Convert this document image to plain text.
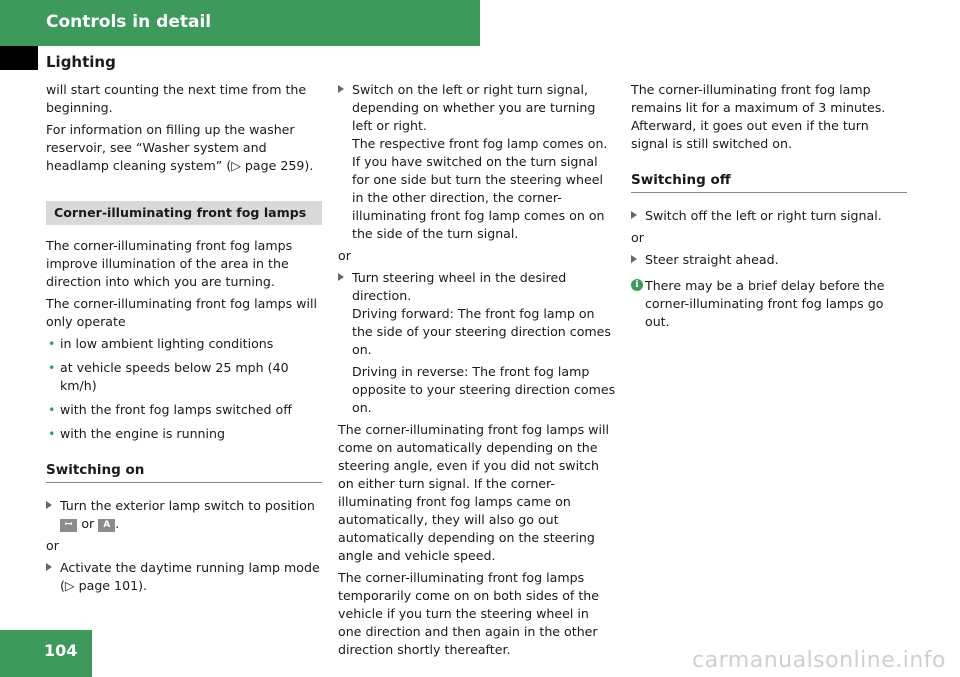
Controls in detail
Lighting

will start counting the next time from the beginning.

For information on filling up the washer reservoir, see “Washer system and headlamp cleaning system” (▷ page 259).

Corner-illuminating front fog lamps

The corner-illuminating front fog lamps improve illumination of the area in the direction into which you are turning.

The corner-illuminating front fog lamps will only operate

• in low ambient lighting conditions
• at vehicle speeds below 25 mph (40 km/h)
• with the front fog lamps switched off
• with the engine is running
Switching on
Turn the exterior lamp switch to position
ꟷ or A .

or

Activate the daytime running lamp mode (▷ page 101).
Switch on the left or right turn signal, depending on whether you are turning left or right.
The respective front fog lamp comes on. If you have switched on the turn signal for one side but turn the steering wheel in the other direction, the corner-illuminating front fog lamp comes on on the side of the turn signal.

or

Turn steering wheel in the desired direction.
Driving forward: The front fog lamp on the side of your steering direction comes on.
Driving in reverse: The front fog lamp opposite to your steering direction comes on.

The corner-illuminating front fog lamps will come on automatically depending on the steering angle, even if you did not switch on either turn signal. If the corner-illuminating front fog lamps came on automatically, they will also go out automatically depending on the steering angle and vehicle speed.

The corner-illuminating front fog lamps temporarily come on on both sides of the vehicle if you turn the steering wheel in one direction and then again in the other direction shortly thereafter.

The corner-illuminating front fog lamp remains lit for a maximum of 3 minutes. Afterward, it goes out even if the turn signal is still switched on.

Switching off
Switch off the left or right turn signal.

or

Steer straight ahead.
i There may be a brief delay before the corner-illuminating front fog lamps go out.
104	carmanualsonline.info
